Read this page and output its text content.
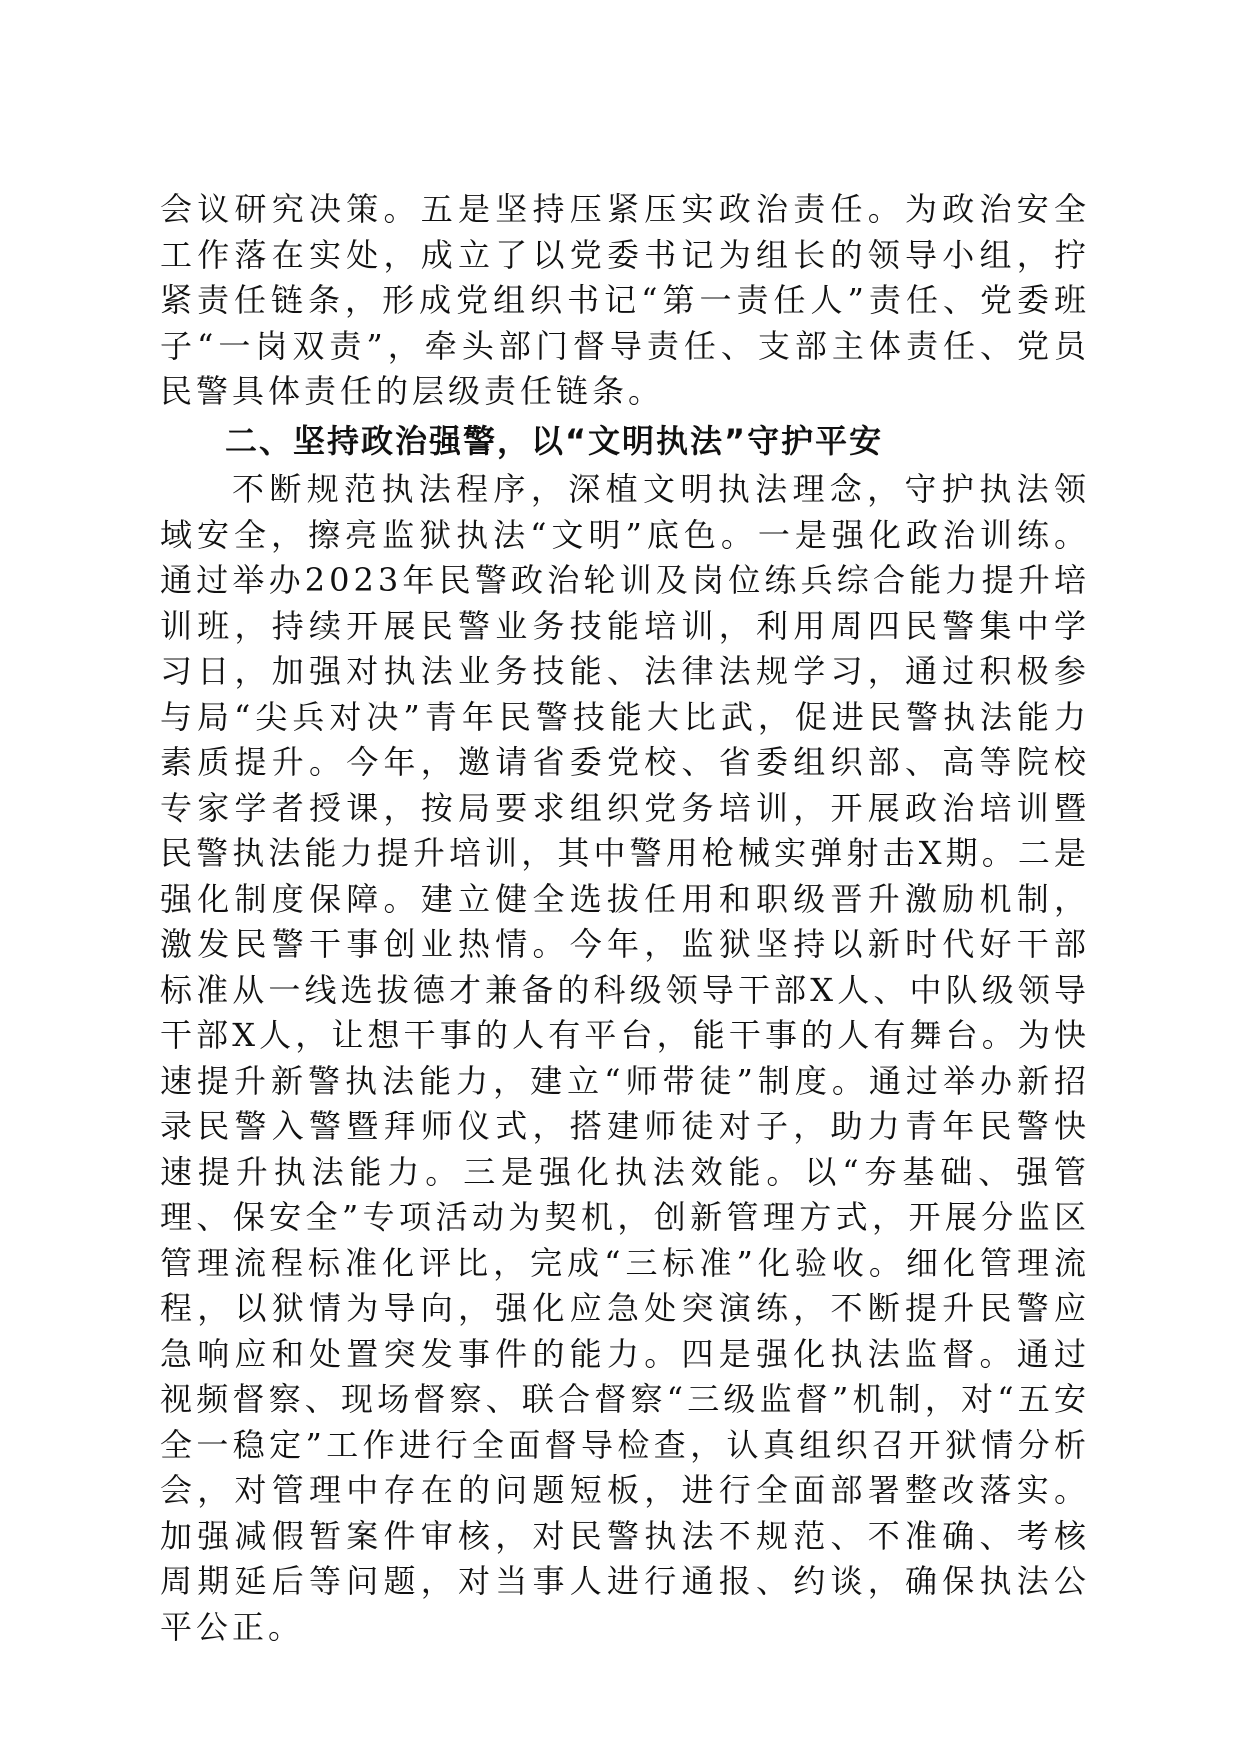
会议研究决策。五是坚持压紧压实政治责任。为政治安全工作落在实处，成立了以党委书记为组长的领导小组，拧紧责任链条，形成党组织书记“第一责任人”责任、党委班子“一岗双责”，牵头部门督导责任、支部主体责任、党员民警具体责任的层级责任链条。
二、坚持政治强警，以“文明执法”守护平安
不断规范执法程序，深植文明执法理念，守护执法领域安全，擦亮监狱执法“文明”底色。一是强化政治训练。通过举办2023年民警政治轮训及岗位练兵综合能力提升培训班，持续开展民警业务技能培训，利用周四民警集中学习日，加强对执法业务技能、法律法规学习，通过积极参与局“尖兵对决”青年民警技能大比武，促进民警执法能力素质提升。今年，邀请省委党校、省委组织部、高等院校专家学者授课，按局要求组织党务培训，开展政治培训暨民警执法能力提升培训，其中警用枪械实弹射击X期。二是强化制度保障。建立健全选拔任用和职级晋升激励机制，激发民警干事创业热情。今年，监狱坚持以新时代好干部标准从一线选拔德才兼备的科级领导干部X人、中队级领导干部X人，让想干事的人有平台，能干事的人有舞台。为快速提升新警执法能力，建立“师带徒”制度。通过举办新招录民警入警暨拜师仪式，搭建师徒对子，助力青年民警快速提升执法能力。三是强化执法效能。以“夯基础、强管理、保安全”专项活动为契机，创新管理方式，开展分监区管理流程标准化评比，完成“三标准”化验收。细化管理流程，以狱情为导向，强化应急处突演练，不断提升民警应急响应和处置突发事件的能力。四是强化执法监督。通过视频督察、现场督察、联合督察“三级监督”机制，对“五安全一稳定”工作进行全面督导检查，认真组织召开狱情分析会，对管理中存在的问题短板，进行全面部署整改落实。加强减假暂案件审核，对民警执法不规范、不准确、考核周期延后等问题，对当事人进行通报、约谈，确保执法公平公正。
